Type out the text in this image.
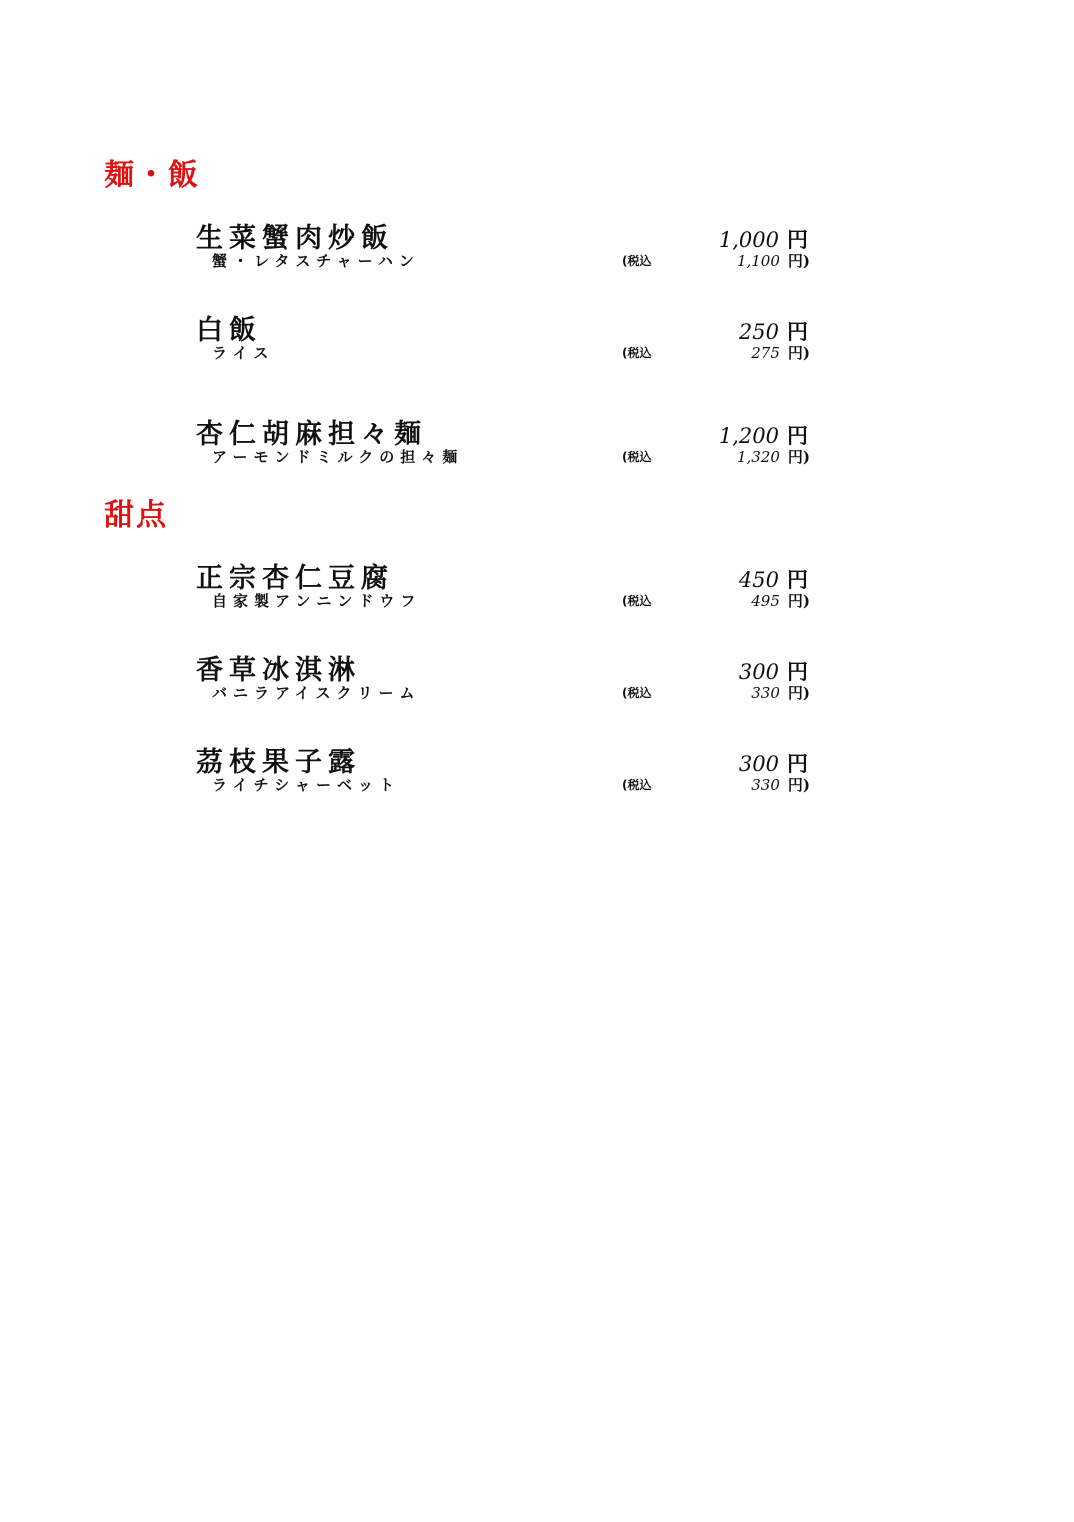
麺・飯
生菜蟹肉炒飯
蟹・レタスチャーハン
1,000 円
(税込	1,100 円)
白飯
ライス
250 円
(税込	275 円)
杏仁胡麻担々麺
アーモンドミルクの担々麺
1,200 円
(税込	1,320 円)
甜点
正宗杏仁豆腐
自家製アンニンドウフ
450 円
(税込	495 円)
香草冰淇淋
バニラアイスクリーム
300 円
(税込	330 円)
茘枝果子露
ライチシャーベット
300 円
(税込	330 円)
